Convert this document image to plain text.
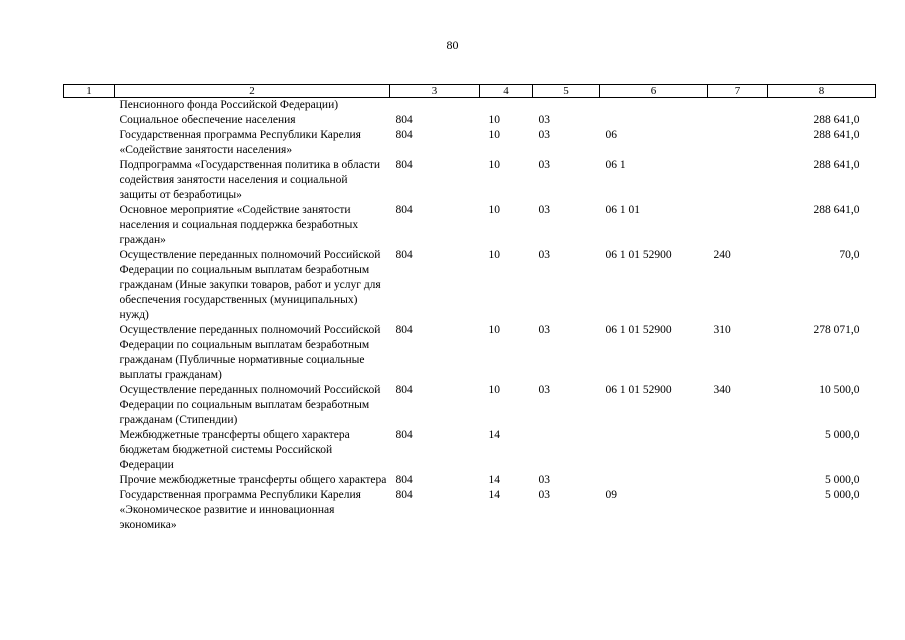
80
1	2	3	4	5	6	7	8
	Пенсионного фонда Российской Федерации)						
	Социальное обеспечение населения	804	10	03			288 641,0
	Государственная программа Республики Карелия «Содействие занятости населения»	804	10	03	06		288 641,0
	Подпрограмма «Государственная политика в области содействия занятости населения и социальной защиты от безработицы»	804	10	03	06 1		288 641,0
	Основное мероприятие «Содействие занятости населения и социальная поддержка безработных граждан»	804	10	03	06 1 01		288 641,0
	Осуществление переданных полномочий Российской Федерации по социальным выплатам безработным гражданам (Иные закупки товаров, работ и услуг для обеспечения государственных (муниципальных) нужд)	804	10	03	06 1 01 52900	240	70,0
	Осуществление переданных полномочий Российской Федерации по социальным выплатам безработным гражданам (Публичные нормативные социальные выплаты гражданам)	804	10	03	06 1 01 52900	310	278 071,0
	Осуществление переданных полномочий Российской Федерации по социальным выплатам безработным гражданам (Стипендии)	804	10	03	06 1 01 52900	340	10 500,0
	Межбюджетные трансферты общего характера бюджетам бюджетной системы Российской Федерации	804	14				5 000,0
	Прочие межбюджетные трансферты общего характера	804	14	03			5 000,0
	Государственная программа Республики Карелия «Экономическое развитие и инновационная экономика»	804	14	03	09		5 000,0
